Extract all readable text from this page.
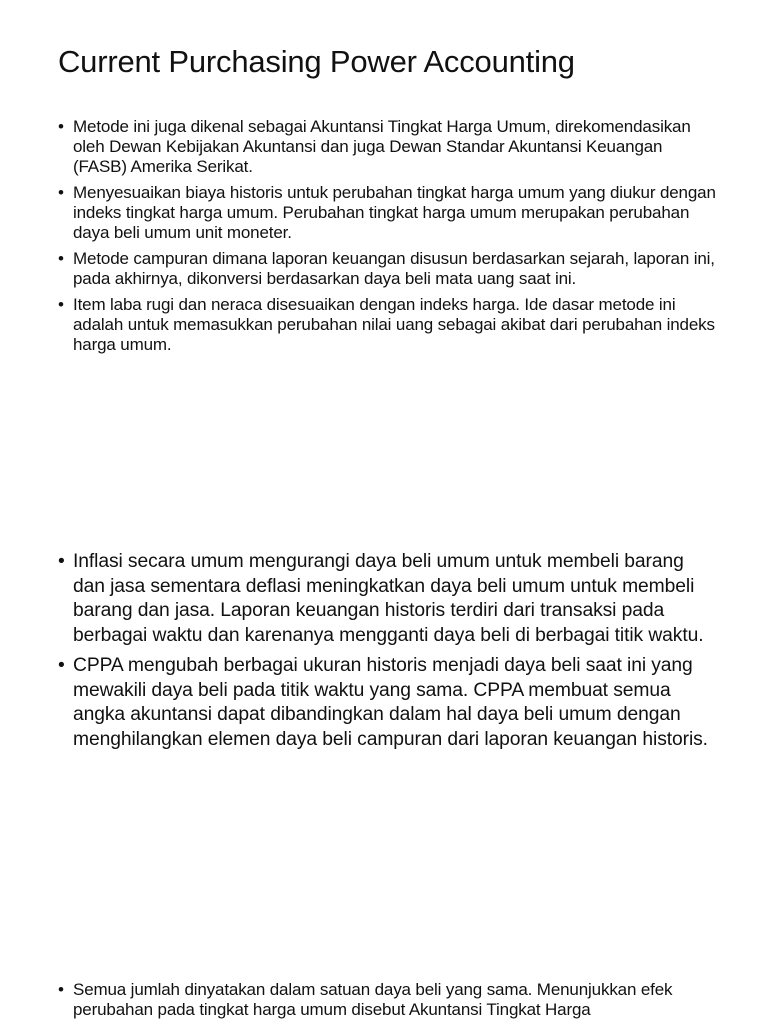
Current Purchasing Power Accounting
• Metode ini juga dikenal sebagai Akuntansi Tingkat Harga Umum, direkomendasikan oleh Dewan Kebijakan Akuntansi dan juga Dewan Standar Akuntansi Keuangan (FASB) Amerika Serikat.
• Menyesuaikan biaya historis untuk perubahan tingkat harga umum yang diukur dengan indeks tingkat harga umum. Perubahan tingkat harga umum merupakan perubahan daya beli umum unit moneter.
• Metode campuran dimana laporan keuangan disusun berdasarkan sejarah, laporan ini, pada akhirnya, dikonversi berdasarkan daya beli mata uang saat ini.
• Item laba rugi dan neraca disesuaikan dengan indeks harga. Ide dasar metode ini adalah untuk memasukkan perubahan nilai uang sebagai akibat dari perubahan indeks harga umum.
• Inflasi secara umum mengurangi daya beli umum untuk membeli barang dan jasa sementara deflasi meningkatkan daya beli umum untuk membeli barang dan jasa. Laporan keuangan historis terdiri dari transaksi pada berbagai waktu dan karenanya mengganti daya beli di berbagai titik waktu.
• CPPA mengubah berbagai ukuran historis menjadi daya beli saat ini yang mewakili daya beli pada titik waktu yang sama. CPPA membuat semua angka akuntansi dapat dibandingkan dalam hal daya beli umum dengan menghilangkan elemen daya beli campuran dari laporan keuangan historis.
• Semua jumlah dinyatakan dalam satuan daya beli yang sama. Menunjukkan efek perubahan pada tingkat harga umum disebut Akuntansi Tingkat Harga
